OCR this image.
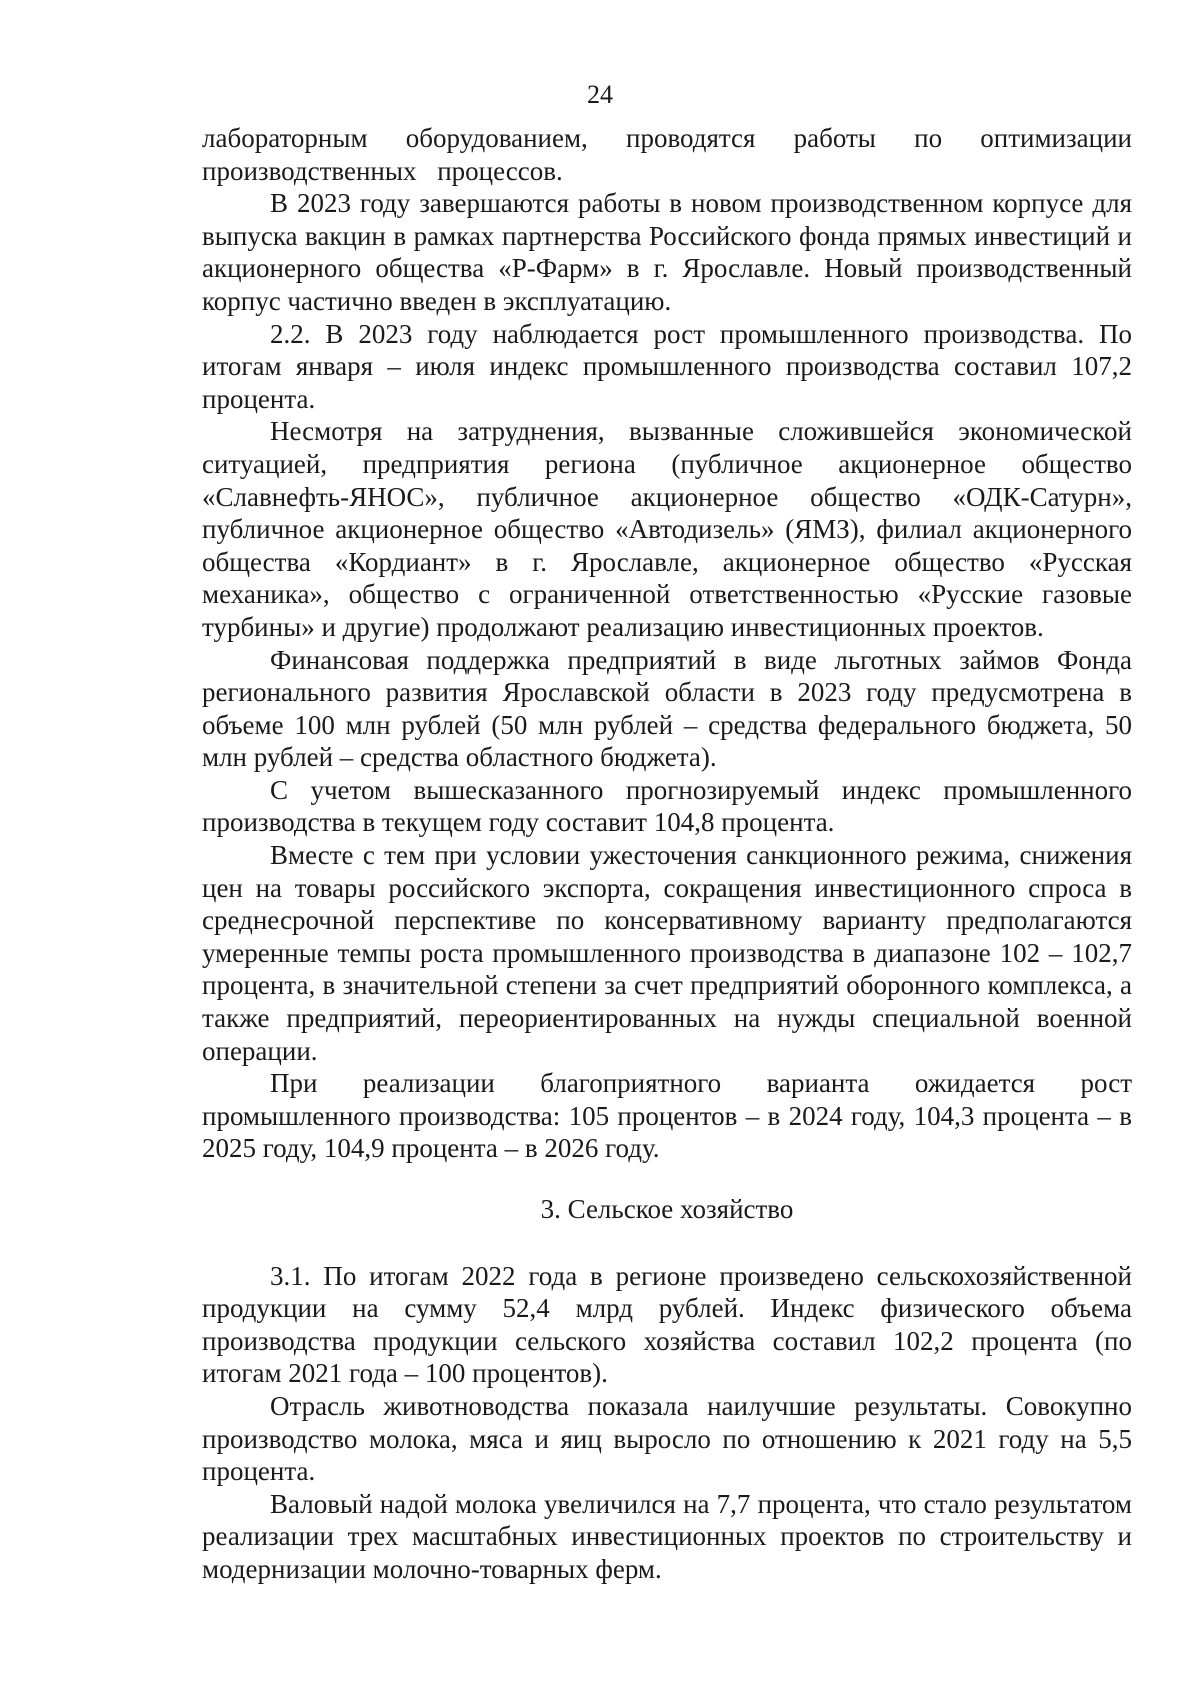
24

лабораторным оборудованием, проводятся работы по оптимизации производственных процессов.

В 2023 году завершаются работы в новом производственном корпусе для выпуска вакцин в рамках партнерства Российского фонда прямых инвестиций и акционерного общества «Р-Фарм» в г. Ярославле. Новый производственный корпус частично введен в эксплуатацию.

2.2. В 2023 году наблюдается рост промышленного производства. По итогам января – июля индекс промышленного производства составил 107,2 процента.

Несмотря на затруднения, вызванные сложившейся экономической ситуацией, предприятия региона (публичное акционерное общество «Славнефть-ЯНОС», публичное акционерное общество «ОДК-Сатурн», публичное акционерное общество «Автодизель» (ЯМЗ), филиал акционерного общества «Кордиант» в г. Ярославле, акционерное общество «Русская механика», общество с ограниченной ответственностью «Русские газовые турбины» и другие) продолжают реализацию инвестиционных проектов.

Финансовая поддержка предприятий в виде льготных займов Фонда регионального развития Ярославской области в 2023 году предусмотрена в объеме 100 млн рублей (50 млн рублей – средства федерального бюджета, 50 млн рублей – средства областного бюджета).

С учетом вышесказанного прогнозируемый индекс промышленного производства в текущем году составит 104,8 процента.

Вместе с тем при условии ужесточения санкционного режима, снижения цен на товары российского экспорта, сокращения инвестиционного спроса в среднесрочной перспективе по консервативному варианту предполагаются умеренные темпы роста промышленного производства в диапазоне 102 – 102,7 процента, в значительной степени за счет предприятий оборонного комплекса, а также предприятий, переориентированных на нужды специальной военной операции.

При реализации благоприятного варианта ожидается рост промышленного производства: 105 процентов – в 2024 году, 104,3 процента – в 2025 году, 104,9 процента – в 2026 году.

3. Сельское хозяйство

3.1. По итогам 2022 года в регионе произведено сельскохозяйственной продукции на сумму 52,4 млрд рублей. Индекс физического объема производства продукции сельского хозяйства составил 102,2 процента (по итогам 2021 года – 100 процентов).

Отрасль животноводства показала наилучшие результаты. Совокупно производство молока, мяса и яиц выросло по отношению к 2021 году на 5,5 процента.

Валовый надой молока увеличился на 7,7 процента, что стало результатом реализации трех масштабных инвестиционных проектов по строительству и модернизации молочно-товарных ферм.
